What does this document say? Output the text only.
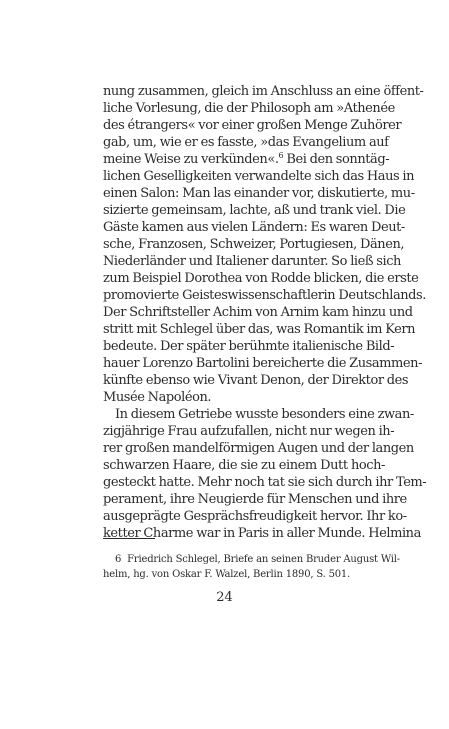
nung zusammen, gleich im Anschluss an eine öffent-
liche Vorlesung, die der Philosoph am »Athenée
des étrangers« vor einer großen Menge Zuhörer
gab, um, wie er es fasste, »das Evangelium auf
meine Weise zu verkünden«.$^6$ Bei den sonntäg-
lichen Geselligkeiten verwandelte sich das Haus in
einen Salon: Man las einander vor, diskutierte, mu-
sizierte gemeinsam, lachte, aß und trank viel. Die
Gäste kamen aus vielen Ländern: Es waren Deut-
sche, Franzosen, Schweizer, Portugiesen, Dänen,
Niederländer und Italiener darunter. So ließ sich
zum Beispiel Dorothea von Rodde blicken, die erste
promovierte Geisteswissenschaftlerin Deutschlands.
Der Schriftsteller Achim von Arnim kam hinzu und
stritt mit Schlegel über das, was Romantik im Kern
bedeute. Der später berühmte italienische Bild-
hauer Lorenzo Bartolini bereicherte die Zusammen-
künfte ebenso wie Vivant Denon, der Direktor des
Musée Napoléon.
In diesem Getriebe wusste besonders eine zwan-
zigjährige Frau aufzufallen, nicht nur wegen ih-
rer großen mandelförmigen Augen und der langen
schwarzen Haare, die sie zu einem Dutt hoch-
gesteckt hatte. Mehr noch tat sie sich durch ihr Tem-
perament, ihre Neugierde für Menschen und ihre
ausgeprägte Gesprächsfreudigkeit hervor. Ihr ko-
ketter Charme war in Paris in aller Munde. Helmina
6 Friedrich Schlegel, Briefe an seinen Bruder August Wil-
helm, hg. von Oskar F. Walzel, Berlin 1890, S. 501.
24
